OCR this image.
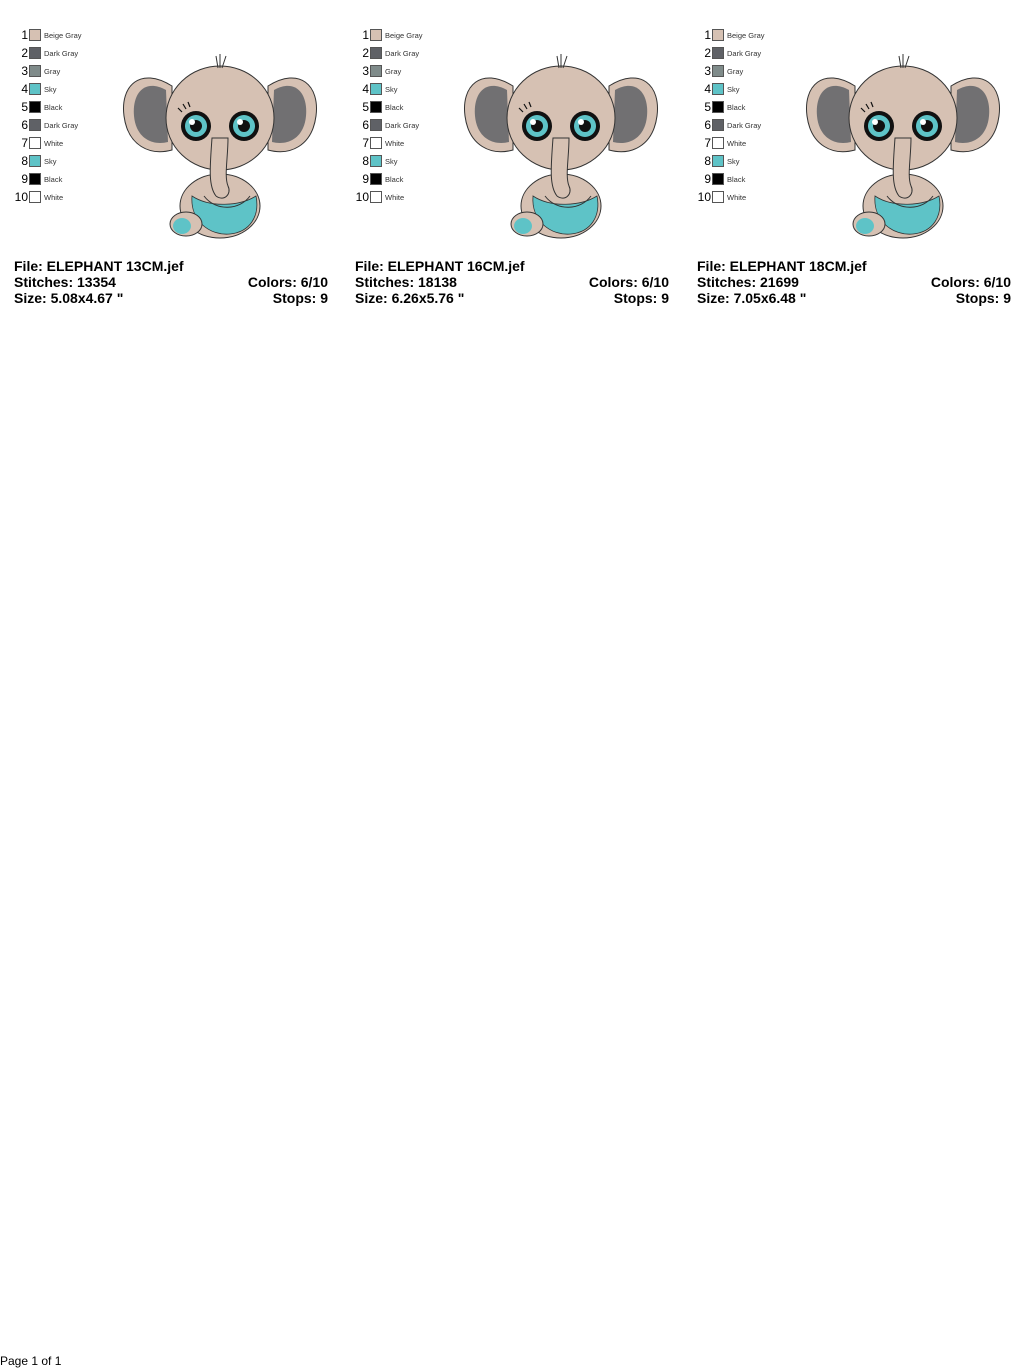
1 Beige Gray
2 Dark Gray
3 Gray
4 Sky
5 Black
6 Dark Gray
7 White
8 Sky
9 Black
10 White
File: ELEPHANT 13CM.jef
Stitches: 13354	Colors: 6/10
Size: 5.08x4.67 "	Stops: 9
1 Beige Gray
2 Dark Gray
3 Gray
4 Sky
5 Black
6 Dark Gray
7 White
8 Sky
9 Black
10 White
File: ELEPHANT 16CM.jef
Stitches: 18138	Colors: 6/10
Size: 6.26x5.76 "	Stops: 9
1 Beige Gray
2 Dark Gray
3 Gray
4 Sky
5 Black
6 Dark Gray
7 White
8 Sky
9 Black
10 White
File: ELEPHANT 18CM.jef
Stitches: 21699	Colors: 6/10
Size: 7.05x6.48 "	Stops: 9
Page 1 of 1
